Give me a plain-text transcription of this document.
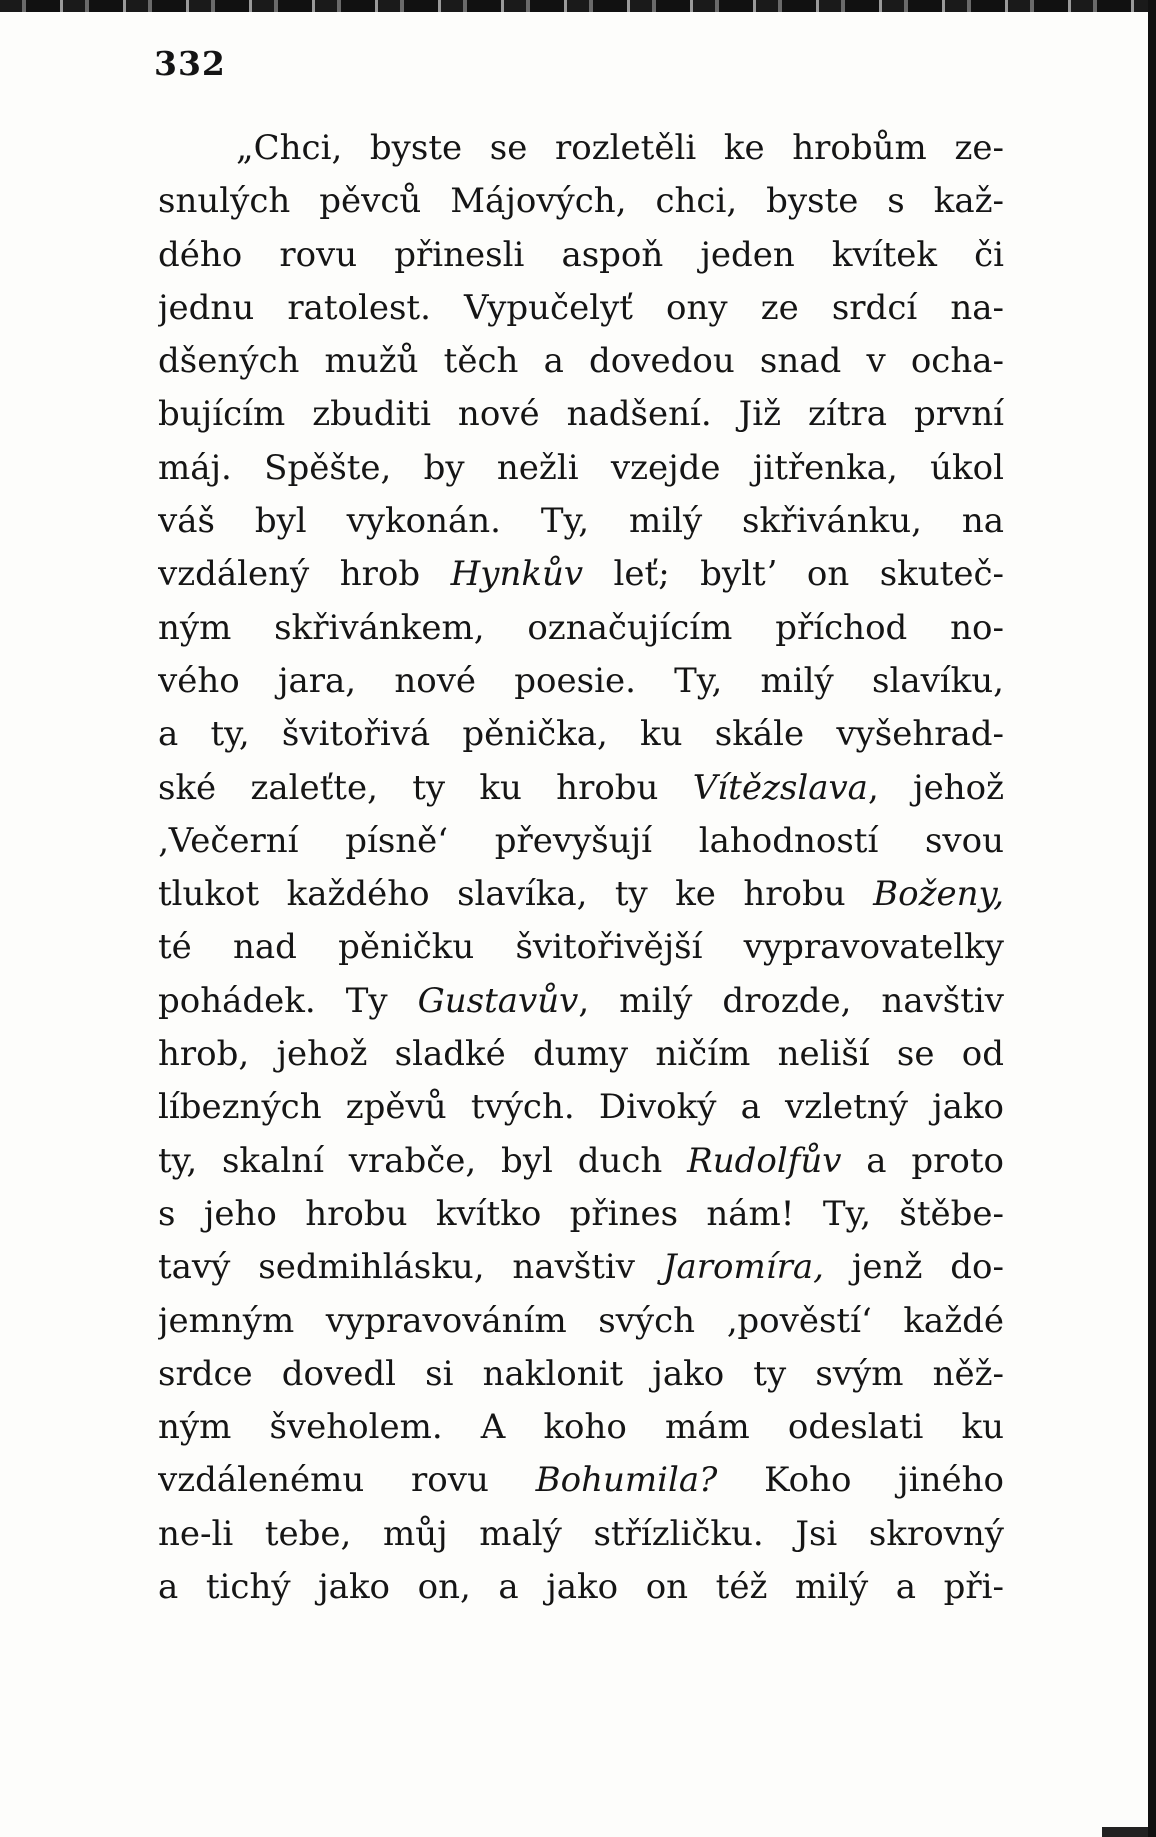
332
„Chci, byste se rozletěli ke hrobům ze-
snulých pěvců Májových, chci, byste s kaž-
dého rovu přinesli aspoň jeden kvítek či
jednu ratolest. Vypučelyť ony ze srdcí na-
dšených mužů těch a dovedou snad v ocha-
bujícím zbuditi nové nadšení. Již zítra první
máj. Spěšte, by nežli vzejde jitřenka, úkol
váš byl vykonán. Ty, milý skřivánku, na
vzdálený hrob Hynkův leť; byltʼ on skuteč-
ným skřivánkem, označujícím příchod no-
vého jara, nové poesie. Ty, milý slavíku,
a ty, švitořivá pěnička, ku skále vyšehrad-
ské zaleťte, ty ku hrobu Vítězslava, jehož
‚Večerní písně‘ převyšují lahodností svou
tlukot každého slavíka, ty ke hrobu Boženy,
té nad pěničku švitořivější vypravovatelky
pohádek. Ty Gustavův, milý drozde, navštiv
hrob, jehož sladké dumy ničím neliší se od
líbezných zpěvů tvých. Divoký a vzletný jako
ty, skalní vrabče, byl duch Rudolfův a proto
s jeho hrobu kvítko přines nám! Ty, štěbe-
tavý sedmihlásku, navštiv Jaromíra, jenž do-
jemným vypravováním svých ‚pověstí‘ každé
srdce dovedl si naklonit jako ty svým něž-
ným šveholem. A koho mám odeslati ku
vzdálenému rovu Bohumila? Koho jiného
ne-li tebe, můj malý střízličku. Jsi skrovný
a tichý jako on, a jako on též milý a při-
